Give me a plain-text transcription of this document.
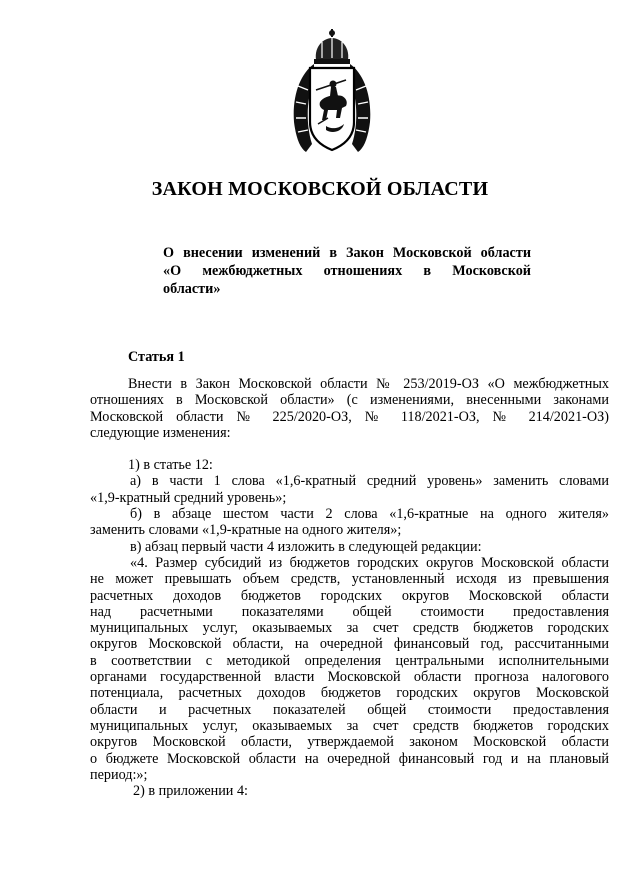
ЗАКОН МОСКОВСКОЙ ОБЛАСТИ
О внесении изменений в Закон Московской области
«О межбюджетных отношениях в Московской
области»
Статья 1
Внести в Закон Московской области № 253/2019-ОЗ «О межбюджетных
отношениях в Московской области» (с изменениями, внесенными законами
Московской области № 225/2020-ОЗ, № 118/2021-ОЗ, № 214/2021-ОЗ)
следующие изменения:
1) в статье 12:
а) в части 1 слова «1,6-кратный средний уровень» заменить словами
«1,9-кратный средний уровень»;
б) в абзаце шестом части 2 слова «1,6-кратные на одного жителя»
заменить словами «1,9-кратные на одного жителя»;
в) абзац первый части 4 изложить в следующей редакции:
«4. Размер субсидий из бюджетов городских округов Московской области
не может превышать объем средств, установленный исходя из превышения
расчетных доходов бюджетов городских округов Московской области
над расчетными показателями общей стоимости предоставления
муниципальных услуг, оказываемых за счет средств бюджетов городских
округов Московской области, на очередной финансовый год, рассчитанными
в соответствии с методикой определения центральными исполнительными
органами государственной власти Московской области прогноза налогового
потенциала, расчетных доходов бюджетов городских округов Московской
области и расчетных показателей общей стоимости предоставления
муниципальных услуг, оказываемых за счет средств бюджетов городских
округов Московской области, утверждаемой законом Московской области
о бюджете Московской области на очередной финансовый год и на плановый
период:»;
2) в приложении 4:
